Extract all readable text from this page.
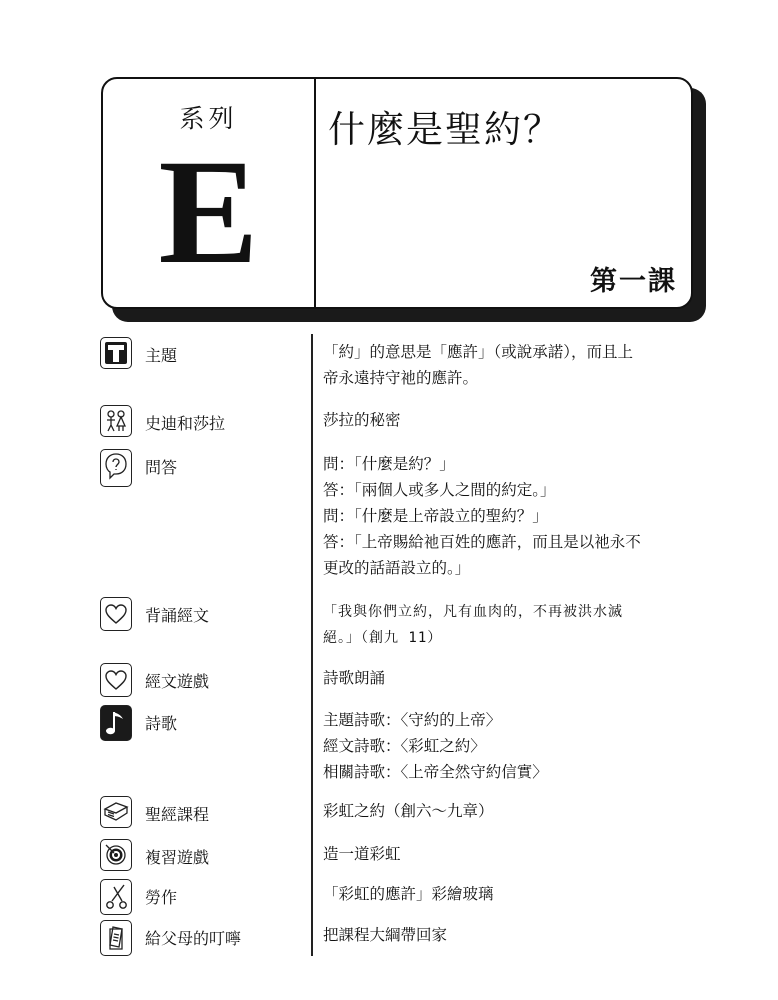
系列
E	什麼是聖約？
第一課
主題	「約」的意思是「應許」（或說承諾），而且上
帝永遠持守祂的應許。
史迪和莎拉	莎拉的秘密
問答	問：「什麼是約？」
答：「兩個人或多人之間的約定。」
問：「什麼是上帝設立的聖約？」
答：「上帝賜給祂百姓的應許，而且是以祂永不
更改的話語設立的。」
背誦經文	「我與你們立約，凡有血肉的，不再被洪水滅
絕。」（創九 11）
經文遊戲	詩歌朗誦
詩歌	主題詩歌：〈守約的上帝〉
經文詩歌：〈彩虹之約〉
相關詩歌：〈上帝全然守約信實〉
聖經課程	彩虹之約（創六～九章）
複習遊戲	造一道彩虹
勞作	「彩虹的應許」彩繪玻璃
給父母的叮嚀	把課程大綱帶回家
